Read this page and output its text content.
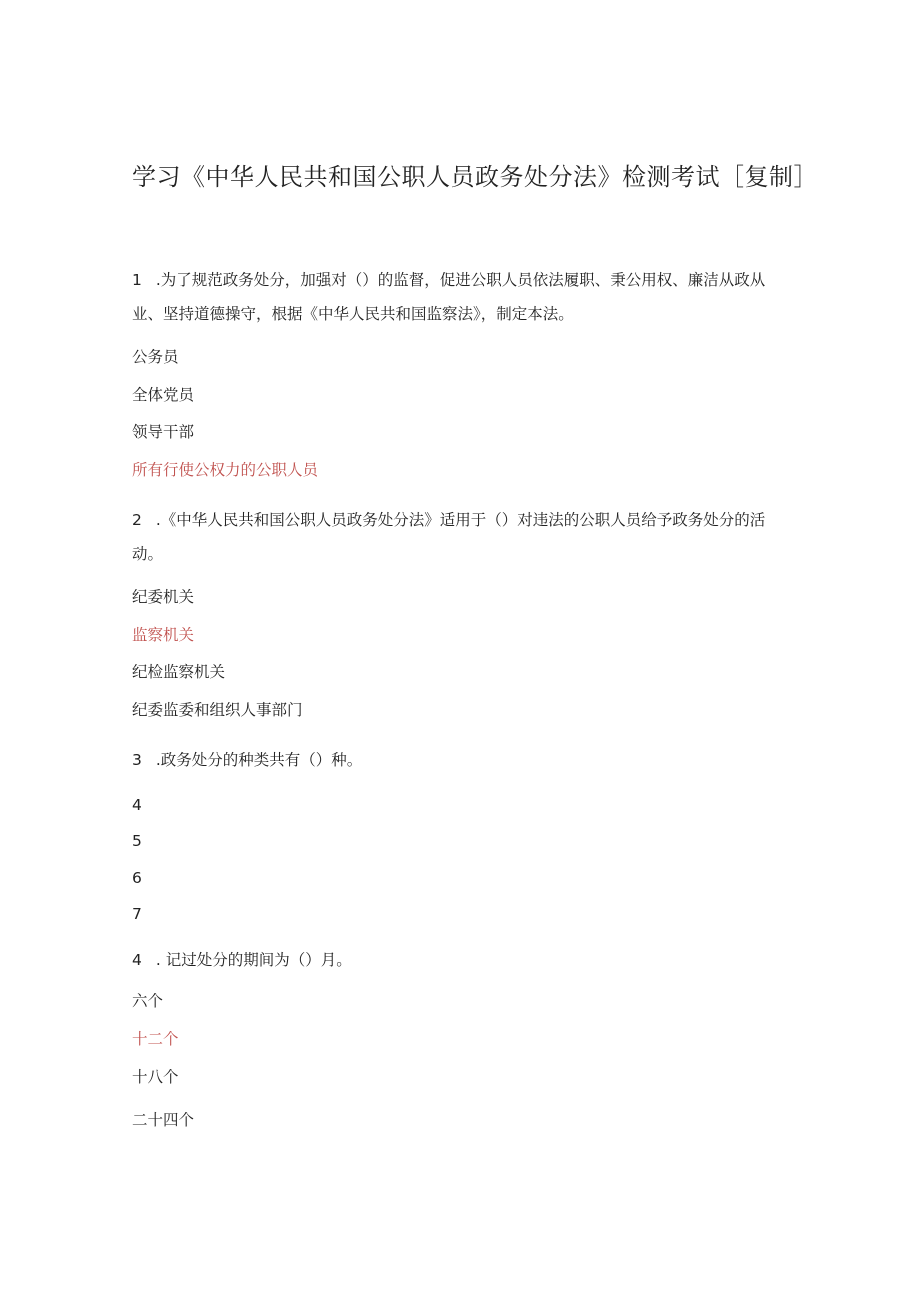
学习《中华人民共和国公职人员政务处分法》检测考试［复制］
1 .为了规范政务处分，加强对（）的监督，促进公职人员依法履职、秉公用权、廉洁从政从业、坚持道德操守，根据《中华人民共和国监察法》，制定本法。
公务员
全体党员
领导干部
所有行使公权力的公职人员
2 .《中华人民共和国公职人员政务处分法》适用于（）对违法的公职人员给予政务处分的活动。
纪委机关
监察机关
纪检监察机关
纪委监委和组织人事部门
3 .政务处分的种类共有（）种。
4
5
6
7
4 . 记过处分的期间为（）月。
六个
十二个
十八个
二十四个
